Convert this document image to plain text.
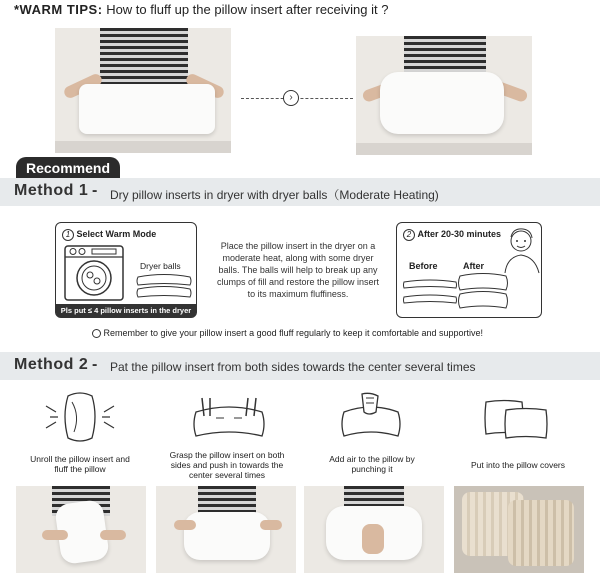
*WARM TIPS: How to fluff up the pillow insert after receiving it ?
›
Recommend
Method 1 - Dry pillow inserts in dryer with dryer balls（Moderate Heating)
1 Select Warm Mode
Dryer balls
Pls put ≤ 4 pillow inserts in the dryer
Place the pillow insert in the dryer on a moderate heat, along with some dryer balls. The balls will help to break up any clumps of fill and restore the pillow insert to its maximum fluffiness.
2 After 20-30 minutes
Before	After
Remember to give your pillow insert a good fluff regularly to keep it comfortable and supportive!
Method 2 - Pat the pillow insert from both sides towards the center several times
Unroll the pillow insert and fluff the pillow
Grasp the pillow insert on both sides and push in towards the center several times
Add air to the pillow by punching it	Put into the pillow covers
